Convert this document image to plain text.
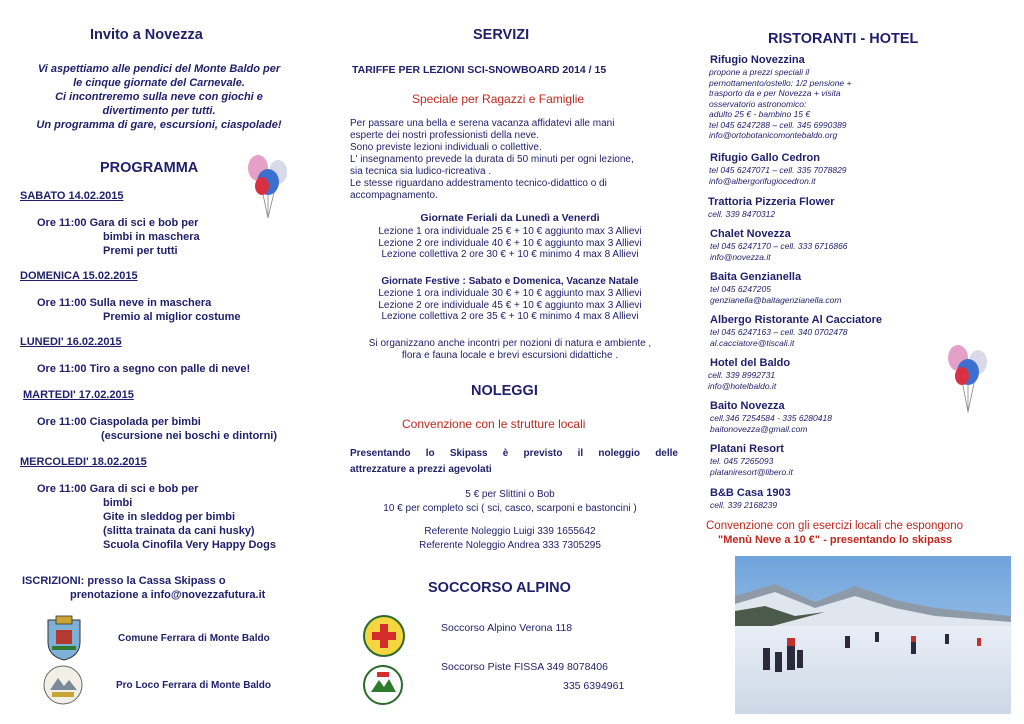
Invito a Novezza
Vi aspettiamo alle pendici del Monte Baldo per
le cinque giornate del Carnevale.
Ci incontreremo sulla neve con giochi e
divertimento per tutti.
Un programma di gare, escursioni, ciaspolade!
PROGRAMMA
SABATO 14.02.2015
Ore 11:00 Gara di sci e bob per
bimbi in maschera
Premi per tutti
DOMENICA 15.02.2015
Ore 11:00 Sulla neve in maschera
Premio al miglior costume
LUNEDI' 16.02.2015
Ore 11:00 Tiro a segno con palle di neve!
MARTEDI' 17.02.2015
Ore 11:00 Ciaspolada per bimbi
(escursione nei boschi e dintorni)
MERCOLEDI' 18.02.2015
Ore 11:00 Gara di sci e bob per
bimbi
Gite in sleddog per bimbi
(slitta trainata da cani husky)
Scuola Cinofila Very Happy Dogs
ISCRIZIONI: presso la Cassa Skipass o
prenotazione a info@novezzafutura.it
Comune Ferrara di Monte Baldo
Pro Loco Ferrara di Monte Baldo
SERVIZI
TARIFFE PER LEZIONI SCI-SNOWBOARD 2014 / 15
Speciale per Ragazzi e Famiglie
Per passare una bella e serena vacanza affidatevi alle mani
esperte dei nostri professionisti della neve.
Sono previste lezioni individuali o collettive.
L' insegnamento prevede la durata di 50 minuti per ogni lezione,
sia tecnica sia ludico-ricreativa .
Le stesse riguardano addestramento tecnico-didattico o di
accompagnamento.
Giornate Feriali da Lunedì a Venerdì
Lezione 1 ora individuale 25 € + 10 € aggiunto max 3 Allievi
Lezione 2 ore individuale 40 € + 10 € aggiunto max 3 Allievi
Lezione collettiva 2 ore 30 € + 10 € minimo 4 max 8 Allievi
Giornate Festive : Sabato e Domenica, Vacanze Natale
Lezione 1 ora individuale 30 € + 10 € aggiunto max 3 Allievi
Lezione 2 ore individuale 45 € + 10 € aggiunto max 3 Allievi
Lezione collettiva 2 ore 35 € + 10 € minimo 4 max 8 Allievi
Si organizzano anche incontri per nozioni di natura e ambiente ,
flora e fauna locale e brevi escursioni didattiche .
NOLEGGI
Convenzione con le strutture locali
Presentando lo Skipass è previsto il noleggio delle
attrezzature a prezzi agevolati
5 € per Slittini o Bob
10 € per completo sci ( sci, casco, scarponi e bastoncini )
Referente Noleggio Luigi 339 1655642
Referente Noleggio Andrea 333 7305295
SOCCORSO ALPINO
Soccorso Alpino Verona 118
Soccorso Piste FISSA 349 8078406
335 6394961
RISTORANTI - HOTEL
Rifugio Novezzina
propone a prezzi speciali il
pernottamento/ostello: 1/2 pensione +
trasporto da e per Novezza + visita
osservatorio astronomico:
adulto 25 € - bambino 15 €
tel 045 6247288 – cell. 345 6990389
info@ortobotanicomontebaldo.org
Rifugio Gallo Cedron
tel 045 6247071 – cell. 335 7078829
info@albergorifugiocedron.it
Trattoria Pizzeria Flower
cell. 339 8470312
Chalet Novezza
tel 045 6247170 – cell. 333 6716866
info@novezza.it
Baita Genzianella
tel 045 6247205
genzianella@baitagenzianella.com
Albergo Ristorante Al Cacciatore
tel 045 6247163 – cell. 340 0702478
al.cacciatore@tiscali.it
Hotel del Baldo
cell. 339 8992731
info@hotelbaldo.it
Baito Novezza
cell.346 7254584 - 335 6280418
baitonovezza@gmail.com
Platani Resort
tel. 045 7265093
plataniresort@libero.it
B&B Casa 1903
cell. 339 2168239
Convenzione con gli esercizi locali che espongono
"Menù Neve a 10 €" - presentando lo skipass
